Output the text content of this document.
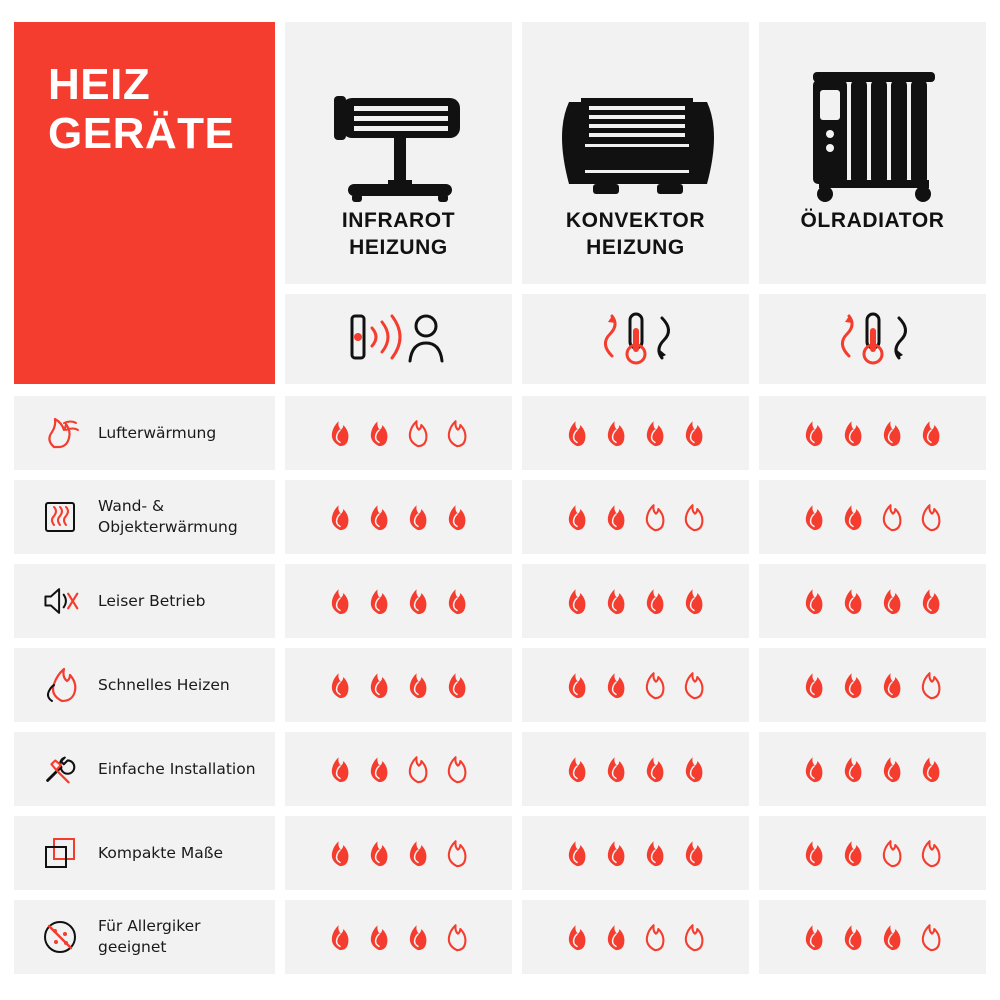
HEIZ
GERÄTE
INFRAROT
HEIZUNG
KONVEKTOR
HEIZUNG
ÖLRADIATOR
Lufterwärmung
Wand- &
Objekterwärmung
Leiser Betrieb
Schnelles Heizen
Einfache Installation
Kompakte Maße
Für Allergiker
geeignet
